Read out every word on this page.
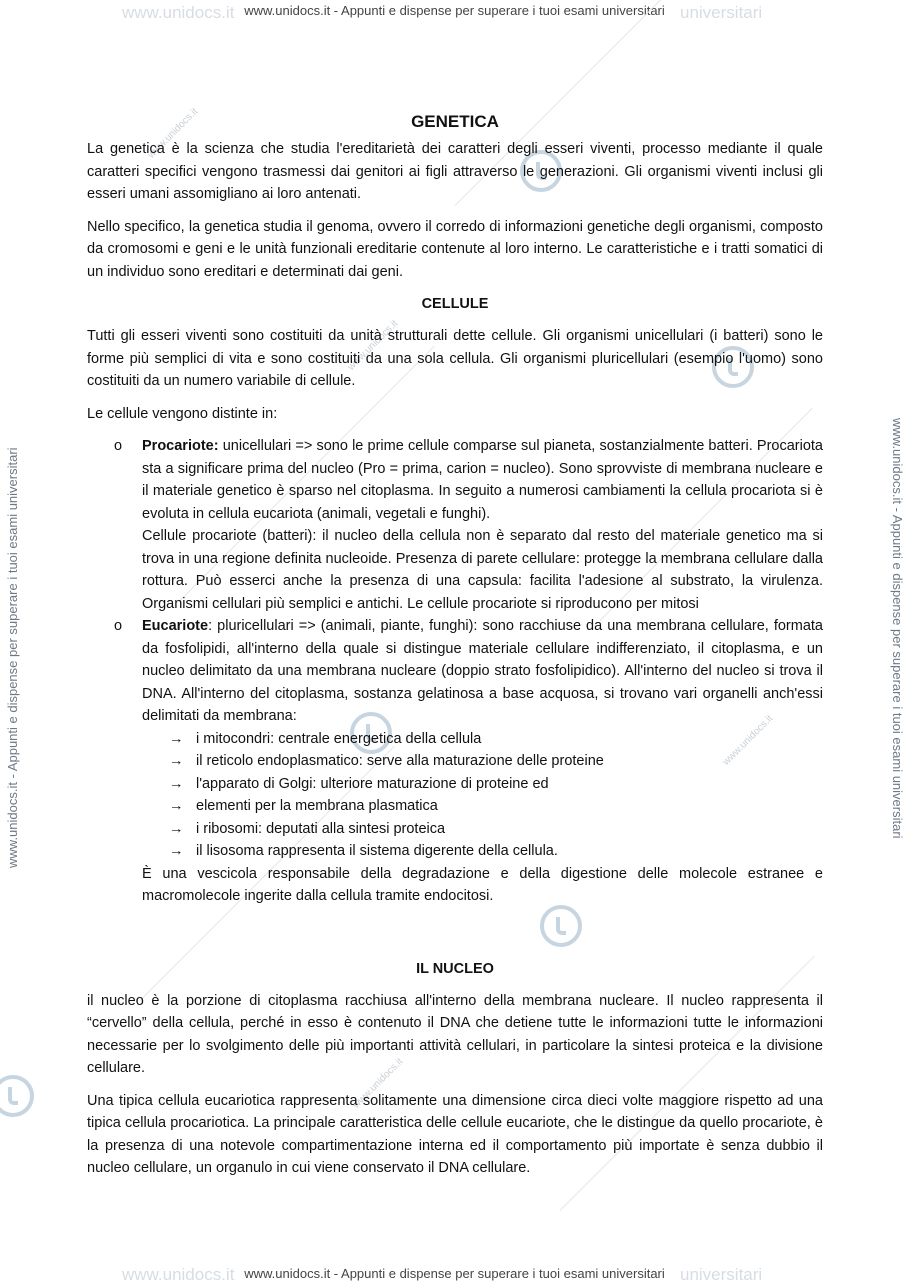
www.unidocs.it	universitari
www.unidocs.it - Appunti e dispense per superare i tuoi esami universitari
www.unidocs.it	universitari
www.unidocs.it - Appunti e dispense per superare i tuoi esami universitari
www.unidocs.it - Appunti e dispense per superare i tuoi esami universitari	www.unidocs.it - Appunti e dispense per superare i tuoi esami universitari
www.unidocs.it
www.unidocs.it
www.unidocs.it
www.unidocs.it
GENETICA

La genetica è la scienza che studia l'ereditarietà dei caratteri degli esseri viventi, processo mediante il quale caratteri specifici vengono trasmessi dai genitori ai figli attraverso le generazioni. Gli organismi viventi inclusi gli esseri umani assomigliano ai loro antenati.

Nello specifico, la genetica studia il genoma, ovvero il corredo di informazioni genetiche degli organismi, composto da cromosomi e geni e le unità funzionali ereditarie contenute al loro interno. Le caratteristiche e i tratti somatici di un individuo sono ereditari e determinati dai geni.

CELLULE

Tutti gli esseri viventi sono costituiti da unità strutturali dette cellule. Gli organismi unicellulari (i batteri) sono le forme più semplici di vita e sono costituiti da una sola cellula. Gli organismi pluricellulari (esempio l'uomo) sono costituiti da un numero variabile di cellule.

Le cellule vengono distinte in:

o Procariote: unicellulari => sono le prime cellule comparse sul pianeta, sostanzialmente batteri. Procariota sta a significare prima del nucleo (Pro = prima, carion = nucleo). Sono sprovviste di membrana nucleare e il materiale genetico è sparso nel citoplasma. In seguito a numerosi cambiamenti la cellula procariota si è evoluta in cellula eucariota (animali, vegetali e funghi).
Cellule procariote (batteri): il nucleo della cellula non è separato dal resto del materiale genetico ma si trova in una regione definita nucleoide. Presenza di parete cellulare: protegge la membrana cellulare dalla rottura. Può esserci anche la presenza di una capsula: facilita l'adesione al substrato, la virulenza. Organismi cellulari più semplici e antichi. Le cellule procariote si riproducono per mitosi
o Eucariote: pluricellulari => (animali, piante, funghi): sono racchiuse da una membrana cellulare, formata da fosfolipidi, all'interno della quale si distingue materiale cellulare indifferenziato, il citoplasma, e un nucleo delimitato da una membrana nucleare (doppio strato fosfolipidico). All'interno del nucleo si trova il DNA. All'interno del citoplasma, sostanza gelatinosa a base acquosa, si trovano vari organelli anch'essi delimitati da membrana:
→ i mitocondri: centrale energetica della cellula
→ il reticolo endoplasmatico: serve alla maturazione delle proteine
→ l'apparato di Golgi: ulteriore maturazione di proteine ed
→ elementi per la membrana plasmatica
→ i ribosomi: deputati alla sintesi proteica
→ il lisosoma rappresenta il sistema digerente della cellula.
È una vescicola responsabile della degradazione e della digestione delle molecole estranee e macromolecole ingerite dalla cellula tramite endocitosi.
IL NUCLEO

il nucleo è la porzione di citoplasma racchiusa all'interno della membrana nucleare. Il nucleo rappresenta il “cervello” della cellula, perché in esso è contenuto il DNA che detiene tutte le informazioni tutte le informazioni necessarie per lo svolgimento delle più importanti attività cellulari, in particolare la sintesi proteica e la divisione cellulare.

Una tipica cellula eucariotica rappresenta solitamente una dimensione circa dieci volte maggiore rispetto ad una tipica cellula procariotica. La principale caratteristica delle cellule eucariote, che le distingue da quello procariote, è la presenza di una notevole compartimentazione interna ed il comportamento più importate è senza dubbio il nucleo cellulare, un organulo in cui viene conservato il DNA cellulare.
